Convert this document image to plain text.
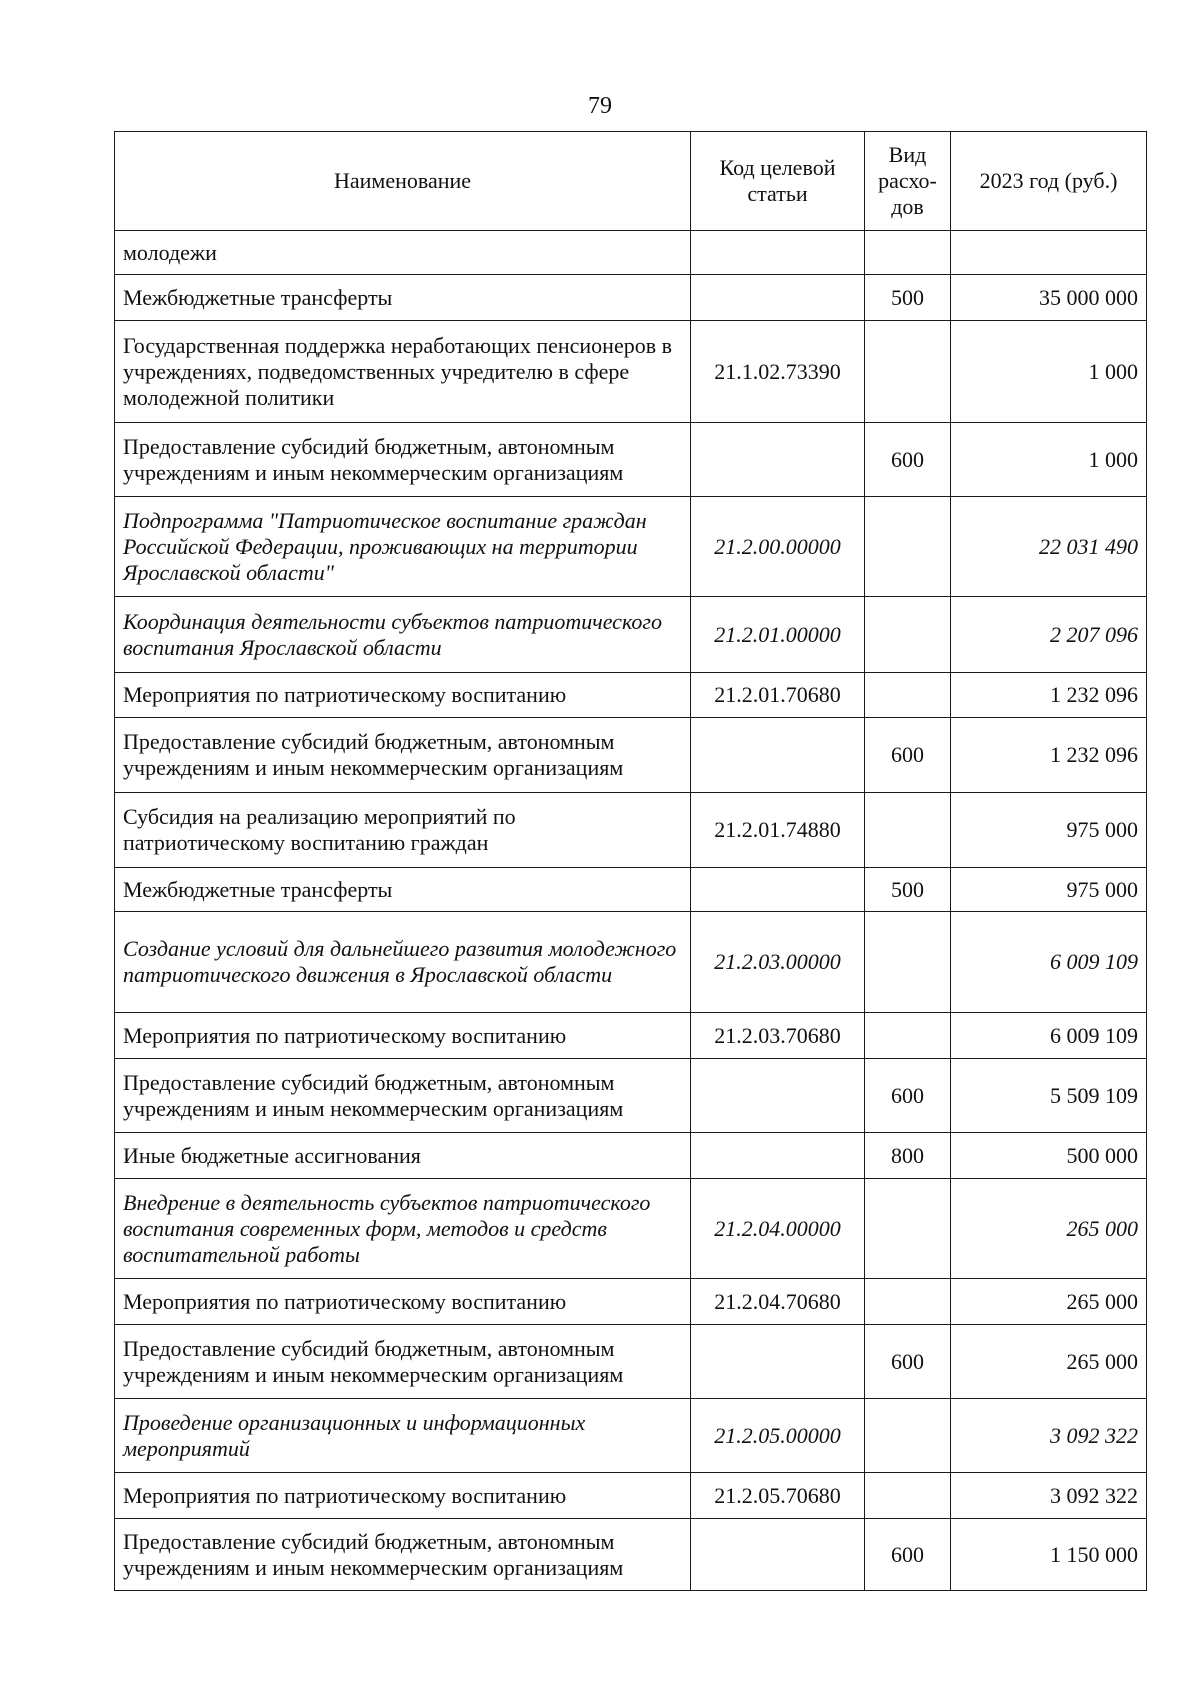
79
Наименование	Код целевой статьи	Вид расхо-дов	2023 год (руб.)
молодежи			
Межбюджетные трансферты		500	35 000 000
Государственная поддержка неработающих пенсионеров в учреждениях, подведомственных учредителю в сфере молодежной политики	21.1.02.73390		1 000
Предоставление субсидий бюджетным, автономным учреждениям и иным некоммерческим организациям		600	1 000
Подпрограмма "Патриотическое воспитание граждан Российской Федерации, проживающих на территории Ярославской области"	21.2.00.00000		22 031 490
Координация деятельности субъектов патриотического воспитания Ярославской области	21.2.01.00000		2 207 096
Мероприятия по патриотическому воспитанию	21.2.01.70680		1 232 096
Предоставление субсидий бюджетным, автономным учреждениям и иным некоммерческим организациям		600	1 232 096
Субсидия на реализацию мероприятий по патриотическому воспитанию граждан	21.2.01.74880		975 000
Межбюджетные трансферты		500	975 000
Создание условий для дальнейшего развития молодежного патриотического движения в Ярославской области	21.2.03.00000		6 009 109
Мероприятия по патриотическому воспитанию	21.2.03.70680		6 009 109
Предоставление субсидий бюджетным, автономным учреждениям и иным некоммерческим организациям		600	5 509 109
Иные бюджетные ассигнования		800	500 000
Внедрение в деятельность субъектов патриотического воспитания современных форм, методов и средств воспитательной работы	21.2.04.00000		265 000
Мероприятия по патриотическому воспитанию	21.2.04.70680		265 000
Предоставление субсидий бюджетным, автономным учреждениям и иным некоммерческим организациям		600	265 000
Проведение организационных и информационных мероприятий	21.2.05.00000		3 092 322
Мероприятия по патриотическому воспитанию	21.2.05.70680		3 092 322
Предоставление субсидий бюджетным, автономным учреждениям и иным некоммерческим организациям		600	1 150 000
